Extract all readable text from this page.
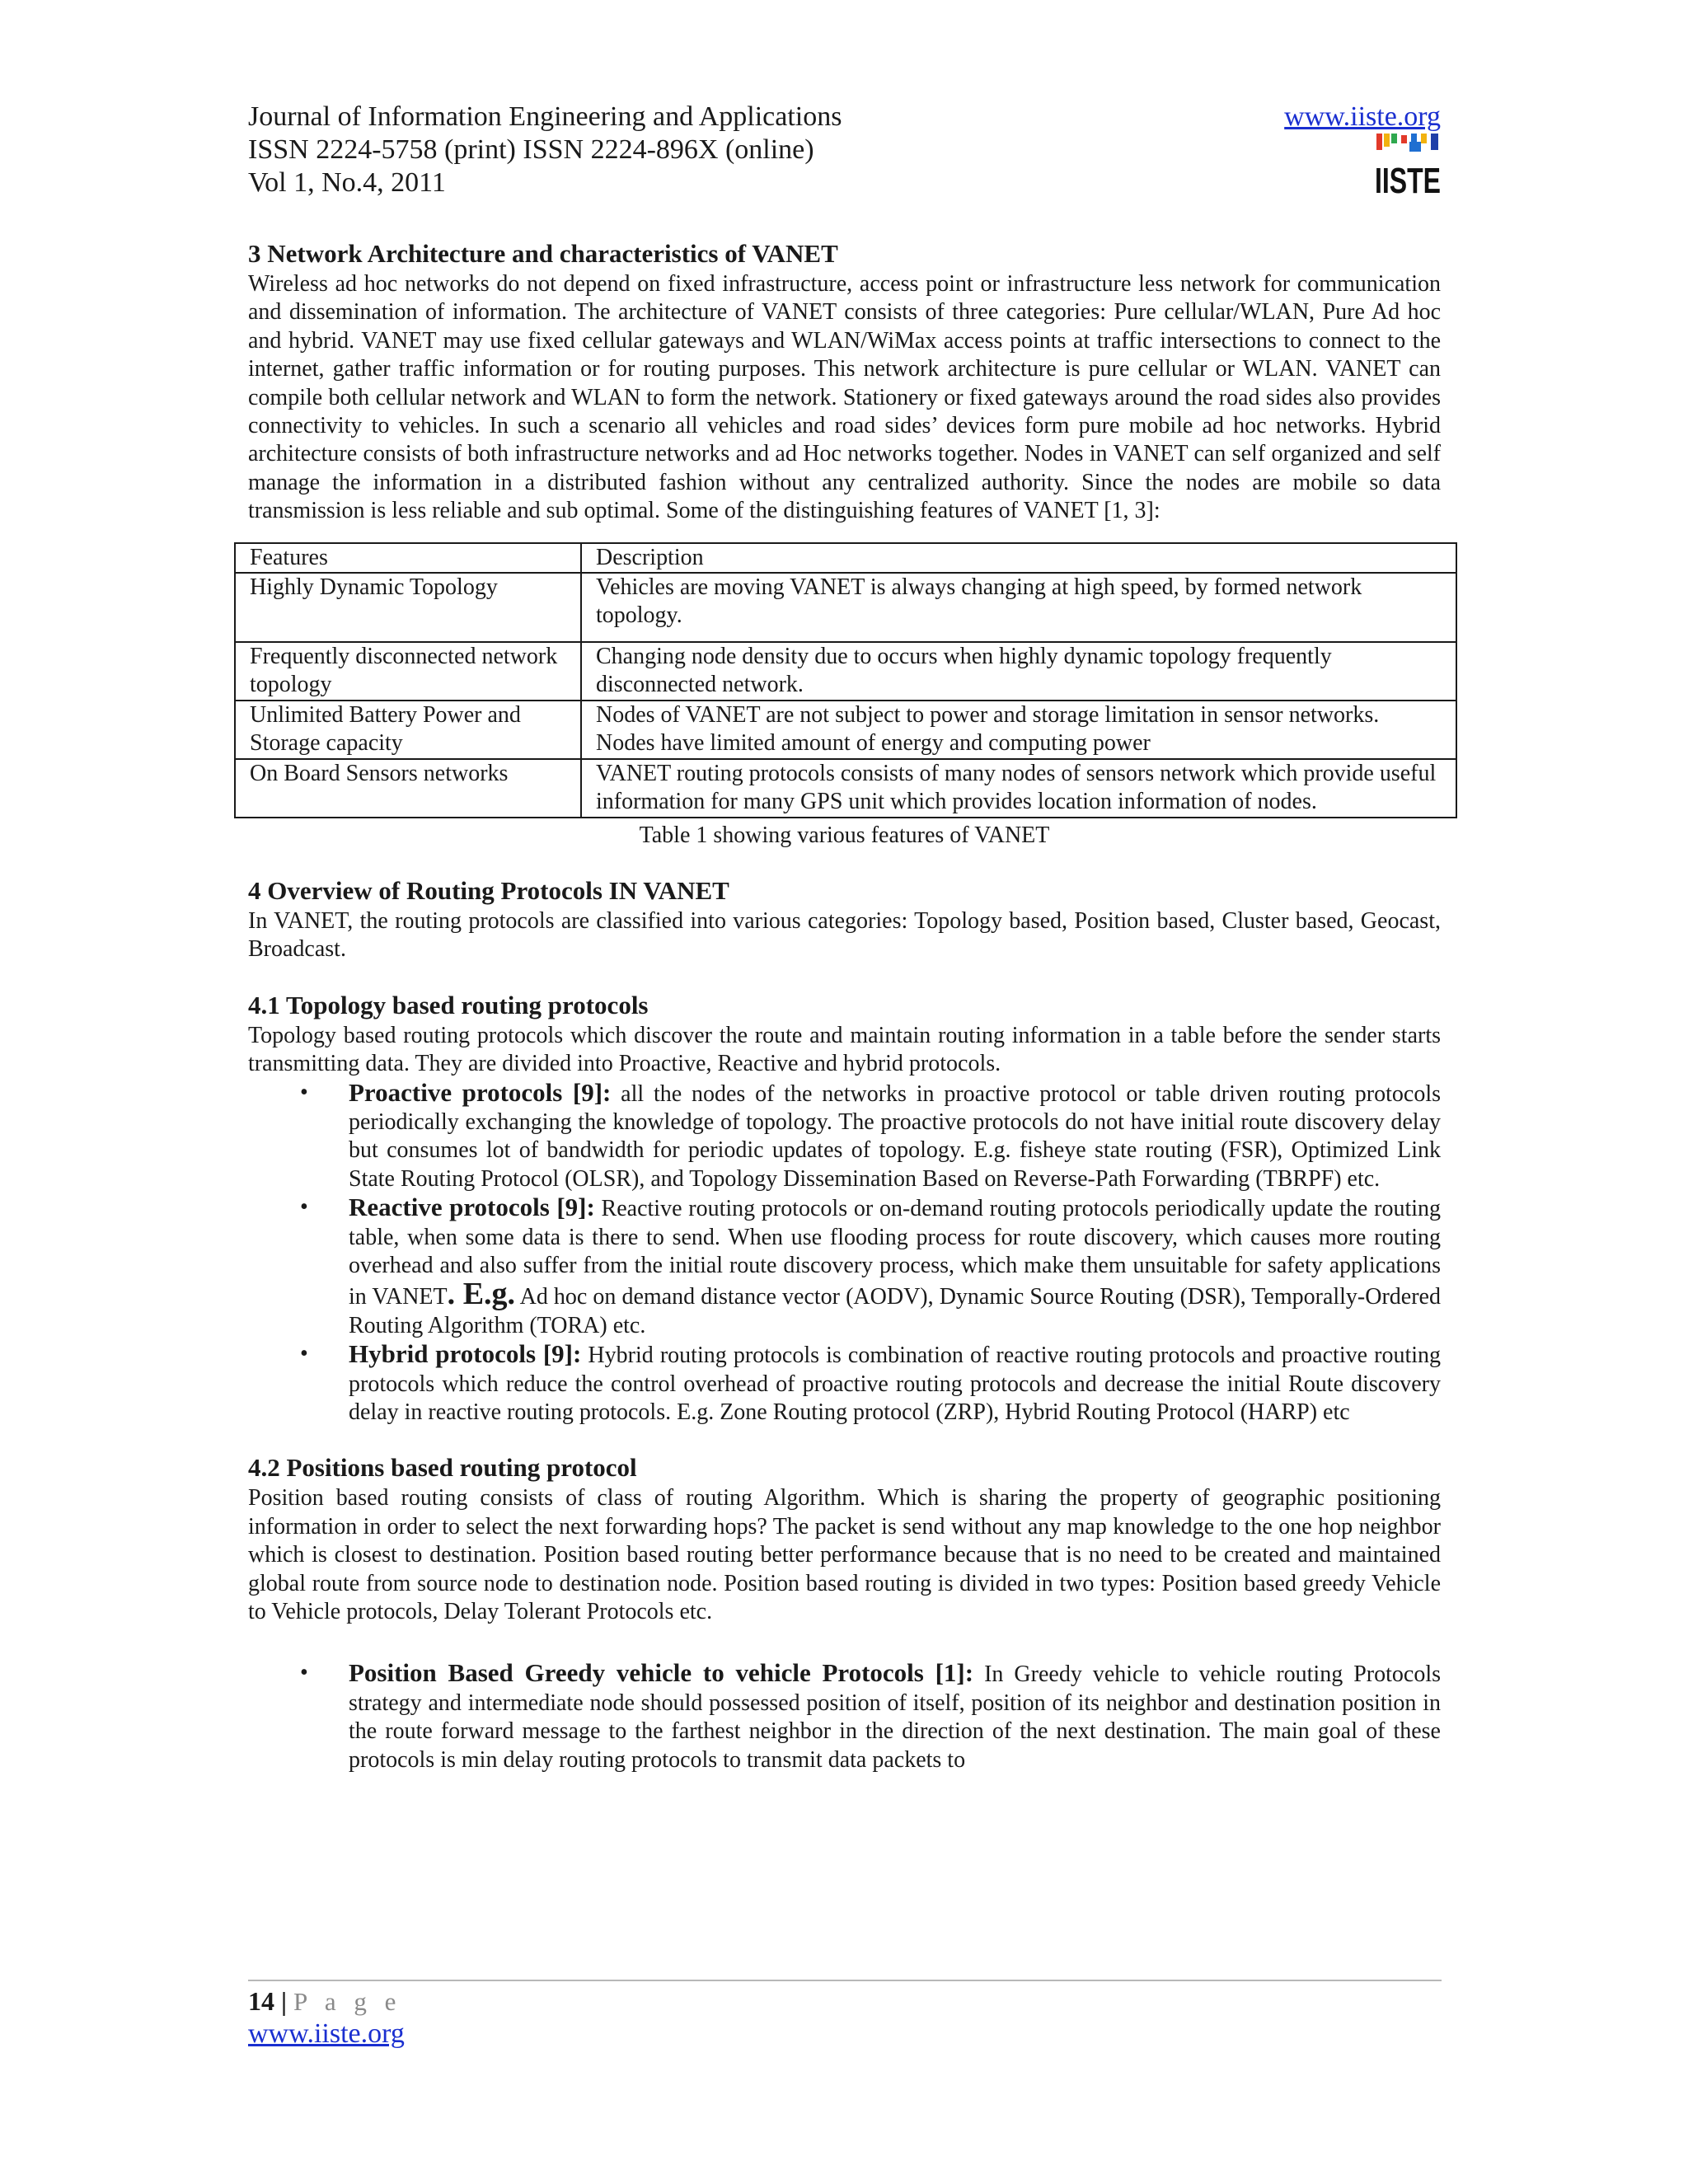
Journal of Information Engineering and Applications
ISSN 2224-5758 (print) ISSN 2224-896X (online)
Vol 1, No.4, 2011
www.iiste.org
IISTE
3 Network Architecture and characteristics of VANET

Wireless ad hoc networks do not depend on fixed infrastructure, access point or infrastructure less network for communication and dissemination of information. The architecture of VANET consists of three categories: Pure cellular/WLAN, Pure Ad hoc and hybrid. VANET may use fixed cellular gateways and WLAN/WiMax access points at traffic intersections to connect to the internet, gather traffic information or for routing purposes. This network architecture is pure cellular or WLAN. VANET can compile both cellular network and WLAN to form the network. Stationery or fixed gateways around the road sides also provides connectivity to vehicles. In such a scenario all vehicles and road sides’ devices form pure mobile ad hoc networks. Hybrid architecture consists of both infrastructure networks and ad Hoc networks together. Nodes in VANET can self organized and self manage the information in a distributed fashion without any centralized authority. Since the nodes are mobile so data transmission is less reliable and sub optimal. Some of the distinguishing features of VANET [1, 3]:

Features	Description
Highly Dynamic Topology	Vehicles are moving VANET is always changing at high speed, by formed network topology.
Frequently disconnected network topology	Changing node density due to occurs when highly dynamic topology frequently disconnected network.
Unlimited Battery Power and Storage capacity	Nodes of VANET are not subject to power and storage limitation in sensor networks. Nodes have limited amount of energy and computing power
On Board Sensors networks	VANET routing protocols consists of many nodes of sensors network which provide useful information for many GPS unit which provides location information of nodes.

Table 1 showing various features of VANET

4 Overview of Routing Protocols IN VANET

In VANET, the routing protocols are classified into various categories: Topology based, Position based, Cluster based, Geocast, Broadcast.

4.1 Topology based routing protocols

Topology based routing protocols which discover the route and maintain routing information in a table before the sender starts transmitting data. They are divided into Proactive, Reactive and hybrid protocols.

• Proactive protocols [9]: all the nodes of the networks in proactive protocol or table driven routing protocols periodically exchanging the knowledge of topology. The proactive protocols do not have initial route discovery delay but consumes lot of bandwidth for periodic updates of topology. E.g. fisheye state routing (FSR), Optimized Link State Routing Protocol (OLSR), and Topology Dissemination Based on Reverse-Path Forwarding (TBRPF) etc.
• Reactive protocols [9]: Reactive routing protocols or on-demand routing protocols periodically update the routing table, when some data is there to send. When use flooding process for route discovery, which causes more routing overhead and also suffer from the initial route discovery process, which make them unsuitable for safety applications in VANET. E.g. Ad hoc on demand distance vector (AODV), Dynamic Source Routing (DSR), Temporally-Ordered Routing Algorithm (TORA) etc.
• Hybrid protocols [9]: Hybrid routing protocols is combination of reactive routing protocols and proactive routing protocols which reduce the control overhead of proactive routing protocols and decrease the initial Route discovery delay in reactive routing protocols. E.g. Zone Routing protocol (ZRP), Hybrid Routing Protocol (HARP) etc
4.2 Positions based routing protocol

Position based routing consists of class of routing Algorithm. Which is sharing the property of geographic positioning information in order to select the next forwarding hops? The packet is send without any map knowledge to the one hop neighbor which is closest to destination. Position based routing better performance because that is no need to be created and maintained global route from source node to destination node. Position based routing is divided in two types: Position based greedy Vehicle to Vehicle protocols, Delay Tolerant Protocols etc.

• Position Based Greedy vehicle to vehicle Protocols [1]: In Greedy vehicle to vehicle routing Protocols strategy and intermediate node should possessed position of itself, position of its neighbor and destination position in the route forward message to the farthest neighbor in the direction of the next destination. The main goal of these protocols is min delay routing protocols to transmit data packets to
14 | P a g e
www.iiste.org
